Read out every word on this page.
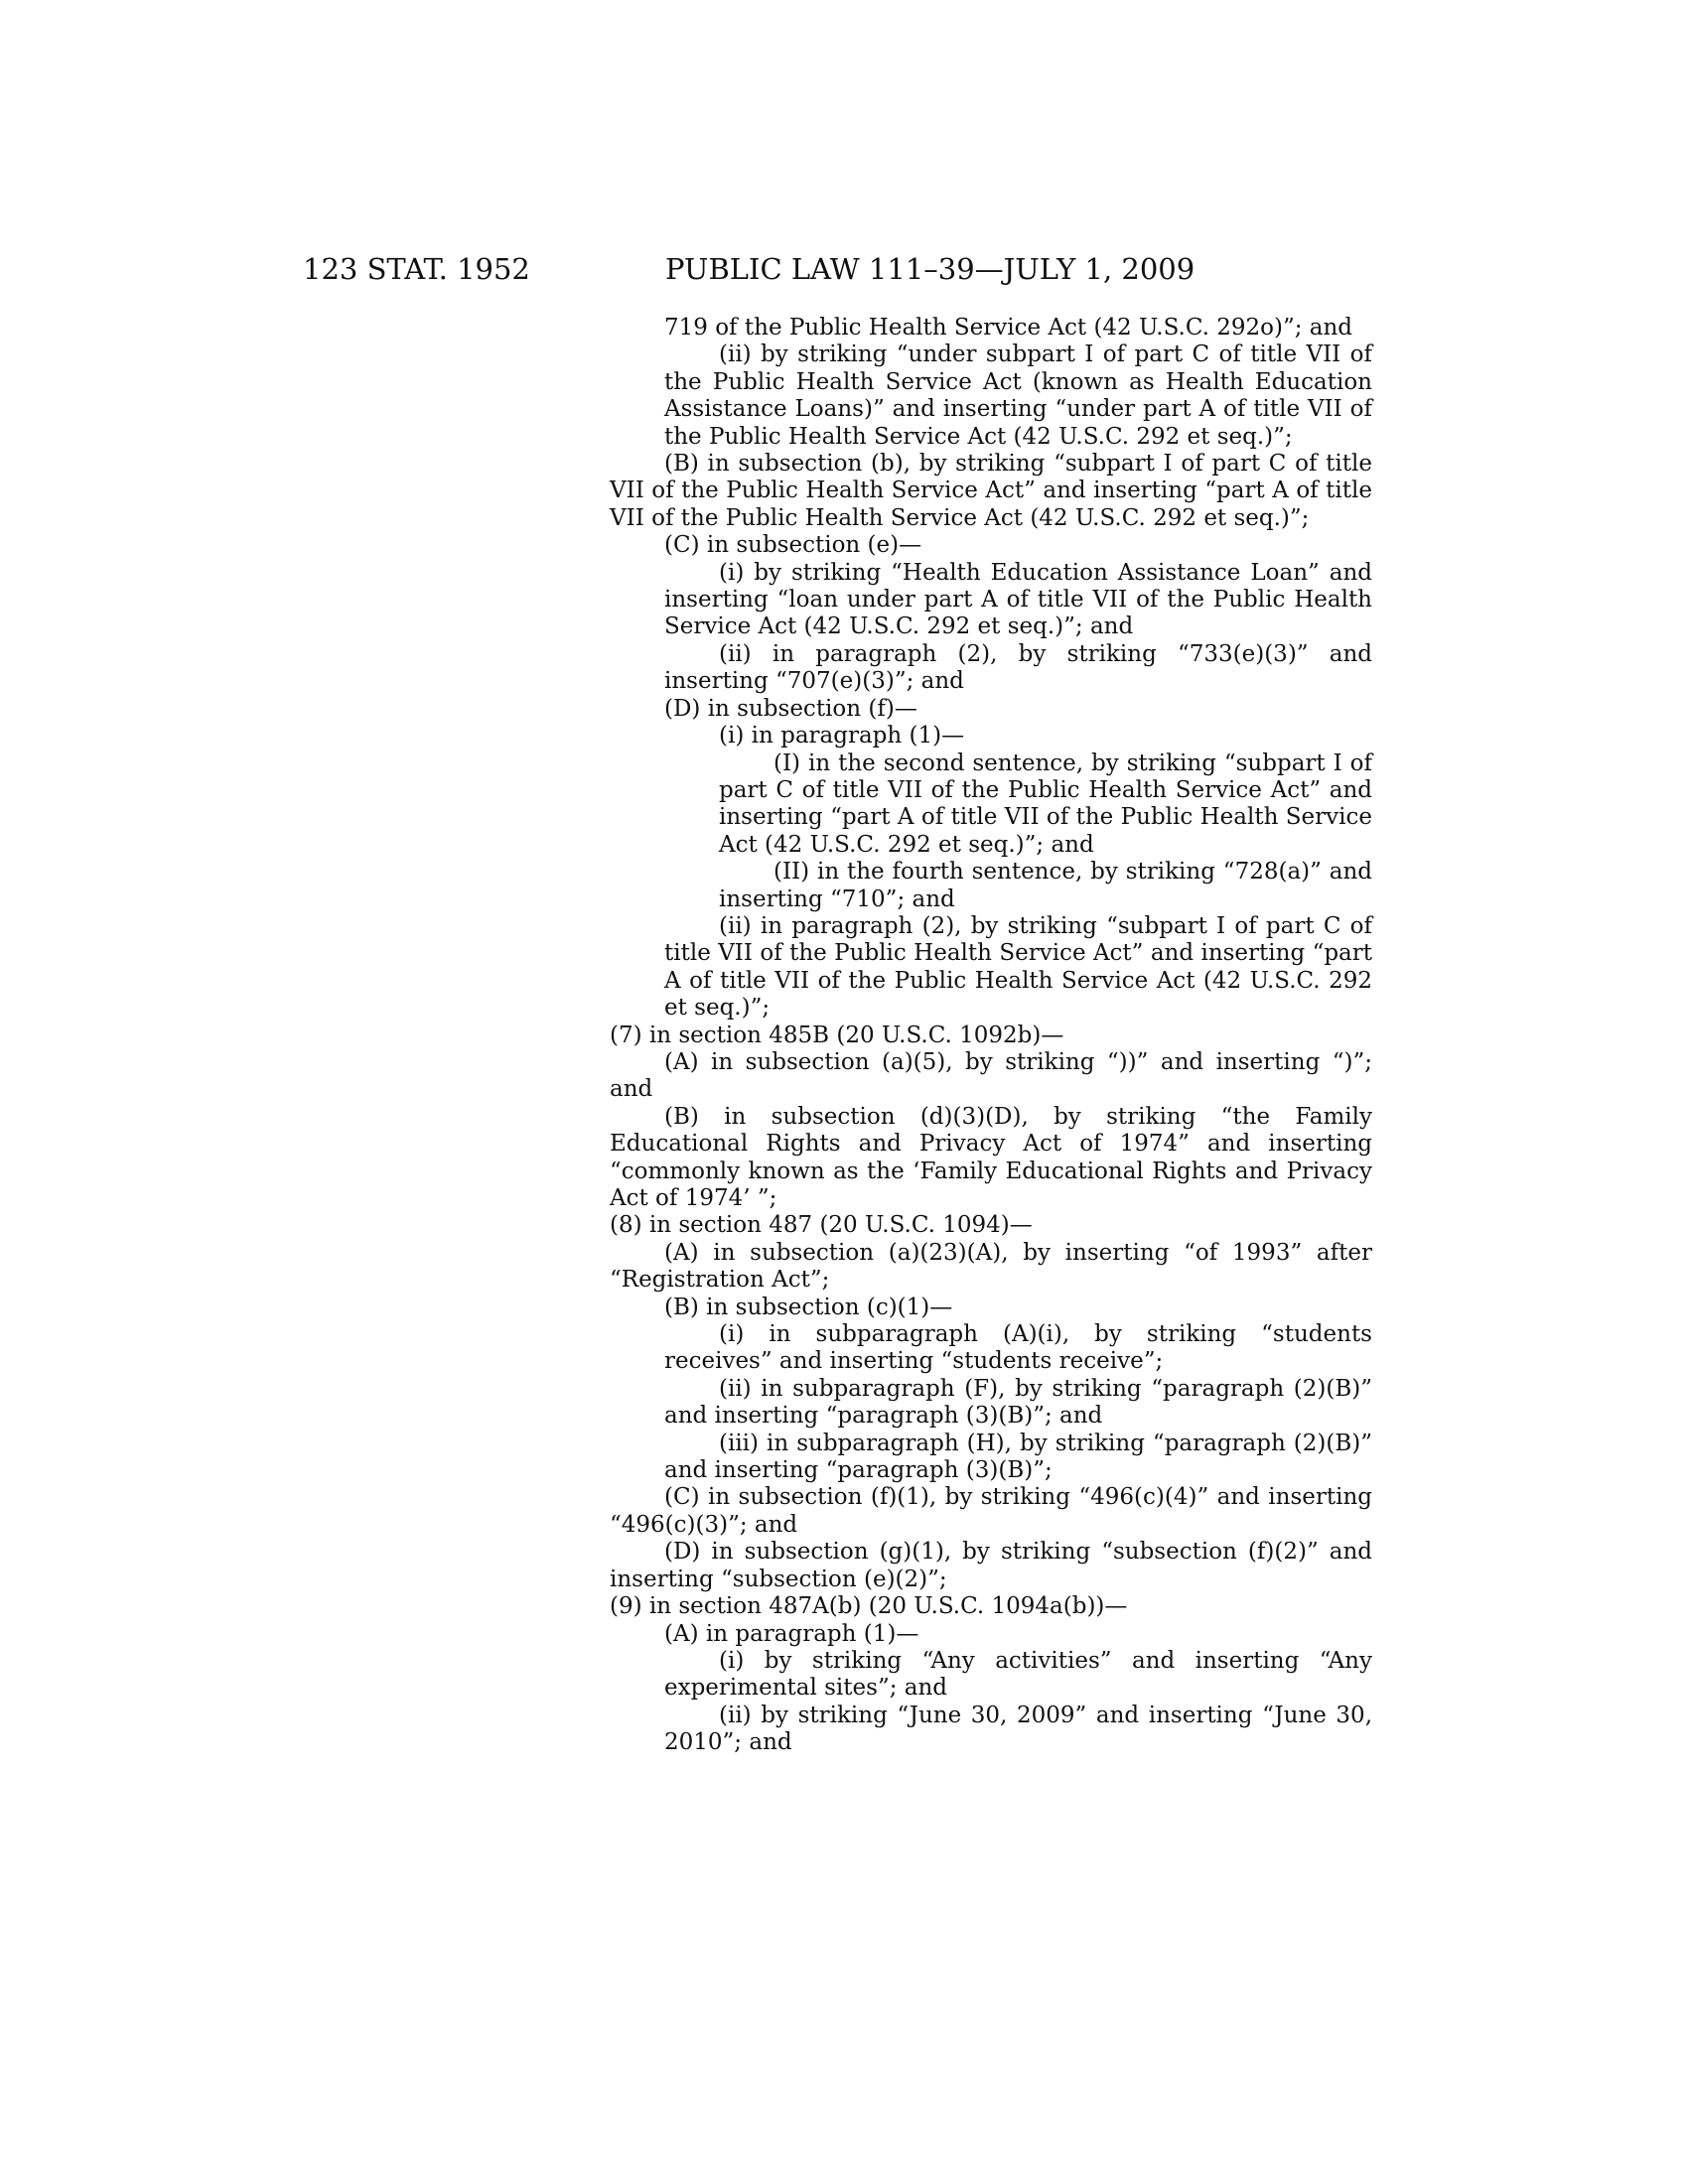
123 STAT. 1952	PUBLIC LAW 111–39—JULY 1, 2009

719 of the Public Health Service Act (42 U.S.C. 292o)”; and

(ii) by striking “under subpart I of part C of title VII of the Public Health Service Act (known as Health Education Assistance Loans)” and inserting “under part A of title VII of the Public Health Service Act (42 U.S.C. 292 et seq.)”;

(B) in subsection (b), by striking “subpart I of part C of title VII of the Public Health Service Act” and inserting “part A of title VII of the Public Health Service Act (42 U.S.C. 292 et seq.)”;

(C) in subsection (e)—

(i) by striking “Health Education Assistance Loan” and inserting “loan under part A of title VII of the Public Health Service Act (42 U.S.C. 292 et seq.)”; and

(ii) in paragraph (2), by striking “733(e)(3)” and inserting “707(e)(3)”; and

(D) in subsection (f)—

(i) in paragraph (1)—

(I) in the second sentence, by striking “subpart I of part C of title VII of the Public Health Service Act” and inserting “part A of title VII of the Public Health Service Act (42 U.S.C. 292 et seq.)”; and

(II) in the fourth sentence, by striking “728(a)” and inserting “710”; and

(ii) in paragraph (2), by striking “subpart I of part C of title VII of the Public Health Service Act” and inserting “part A of title VII of the Public Health Service Act (42 U.S.C. 292 et seq.)”;

(7) in section 485B (20 U.S.C. 1092b)—

(A) in subsection (a)(5), by striking “))” and inserting “)”; and

(B) in subsection (d)(3)(D), by striking “the Family Educational Rights and Privacy Act of 1974” and inserting “commonly known as the ‘Family Educational Rights and Privacy Act of 1974’ ”;

(8) in section 487 (20 U.S.C. 1094)—

(A) in subsection (a)(23)(A), by inserting “of 1993” after “Registration Act”;

(B) in subsection (c)(1)—

(i) in subparagraph (A)(i), by striking “students receives” and inserting “students receive”;

(ii) in subparagraph (F), by striking “paragraph (2)(B)” and inserting “paragraph (3)(B)”; and

(iii) in subparagraph (H), by striking “paragraph (2)(B)” and inserting “paragraph (3)(B)”;

(C) in subsection (f)(1), by striking “496(c)(4)” and inserting “496(c)(3)”; and

(D) in subsection (g)(1), by striking “subsection (f)(2)” and inserting “subsection (e)(2)”;

(9) in section 487A(b) (20 U.S.C. 1094a(b))—

(A) in paragraph (1)—

(i) by striking “Any activities” and inserting “Any experimental sites”; and

(ii) by striking “June 30, 2009” and inserting “June 30, 2010”; and
